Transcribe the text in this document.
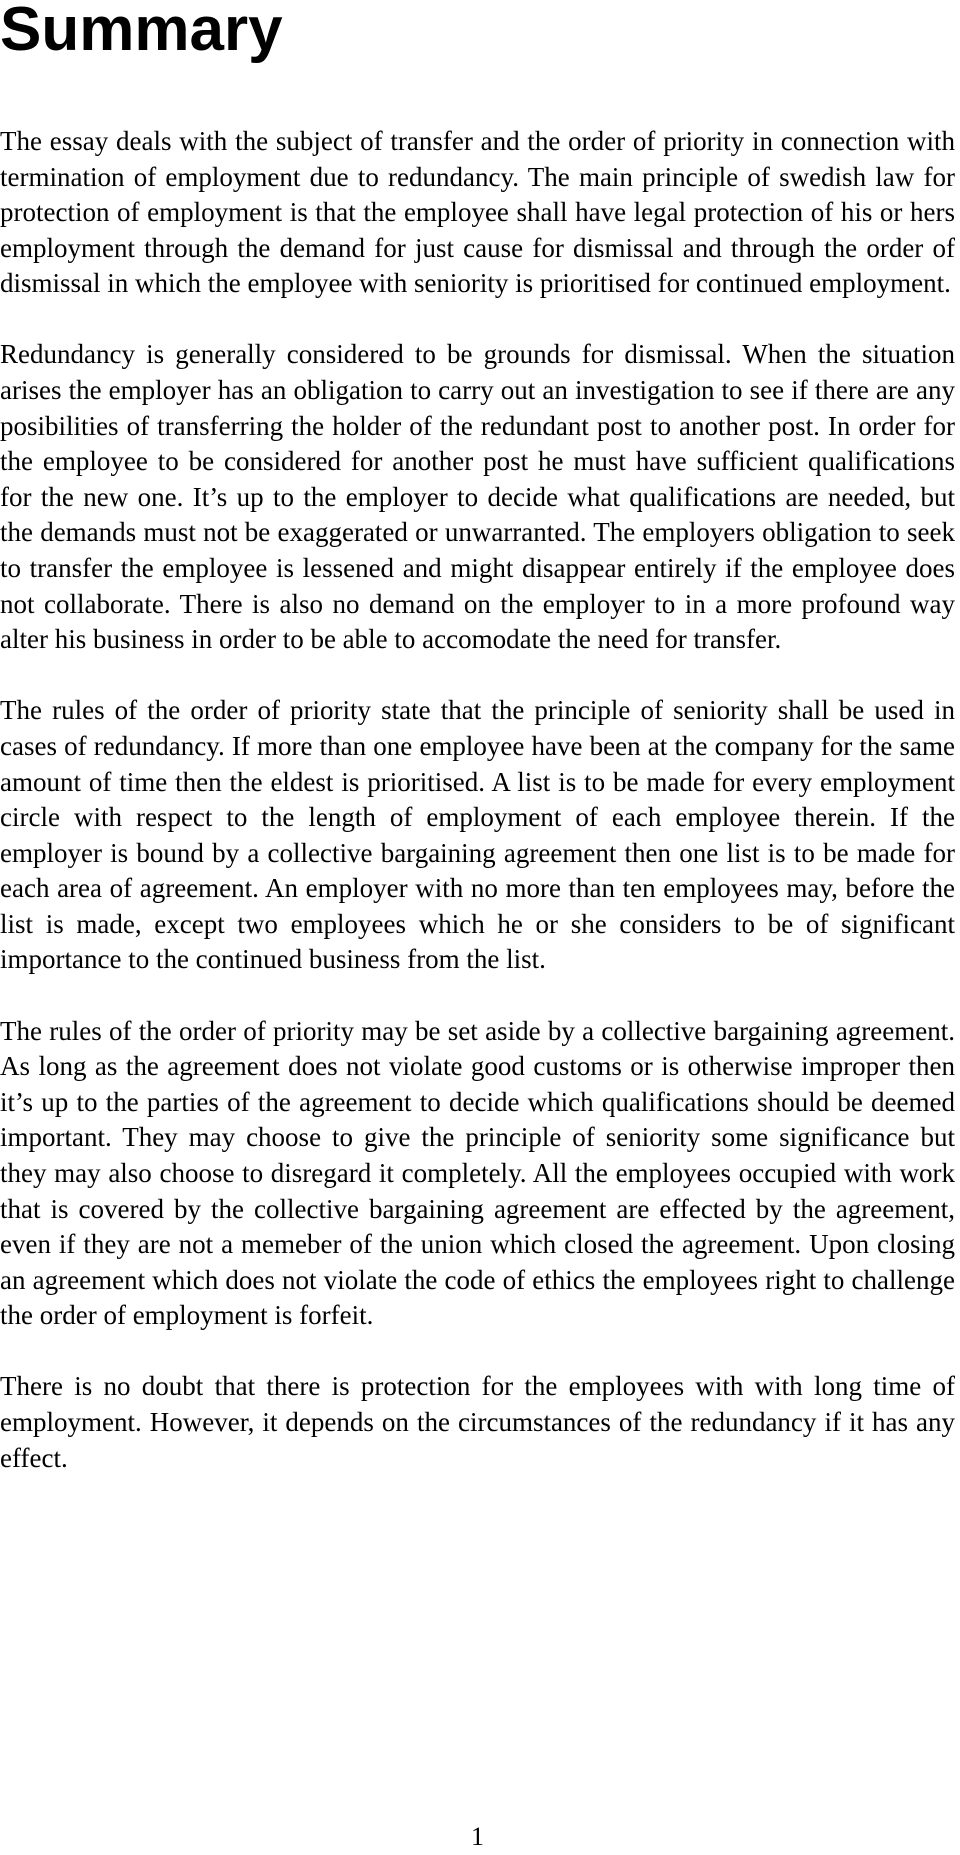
Summary

The essay deals with the subject of transfer and the order of priority in connection with termination of employment due to redundancy. The main principle of swedish law for protection of employment is that the employee shall have legal protection of his or hers employment through the demand for just cause for dismissal and through the order of dismissal in which the employee with seniority is prioritised for continued employment.

Redundancy is generally considered to be grounds for dismissal. When the situation arises the employer has an obligation to carry out an investigation to see if there are any posibilities of transferring the holder of the redundant post to another post. In order for the employee to be considered for another post he must have sufficient qualifications for the new one. It’s up to the employer to decide what qualifications are needed, but the demands must not be exaggerated or unwarranted. The employers obligation to seek to transfer the employee is lessened and might disappear entirely if the employee does not collaborate. There is also no demand on the employer to in a more profound way alter his business in order to be able to accomodate the need for transfer.

The rules of the order of priority state that the principle of seniority shall be used in cases of redundancy. If more than one employee have been at the company for the same amount of time then the eldest is prioritised. A list is to be made for every employment circle with respect to the length of employment of each employee therein. If the employer is bound by a collective bargaining agreement then one list is to be made for each area of agreement. An employer with no more than ten employees may, before the list is made, except two employees which he or she considers to be of significant importance to the continued business from the list.

The rules of the order of priority may be set aside by a collective bargaining agreement. As long as the agreement does not violate good customs or is otherwise improper then it’s up to the parties of the agreement to decide which qualifications should be deemed important. They may choose to give the principle of seniority some significance but they may also choose to disregard it completely. All the employees occupied with work that is covered by the collective bargaining agreement are effected by the agreement, even if they are not a memeber of the union which closed the agreement. Upon closing an agreement which does not violate the code of ethics the employees right to challenge the order of employment is forfeit.

There is no doubt that there is protection for the employees with with long time of employment. However, it depends on the circumstances of the redundancy if it has any effect.

1
